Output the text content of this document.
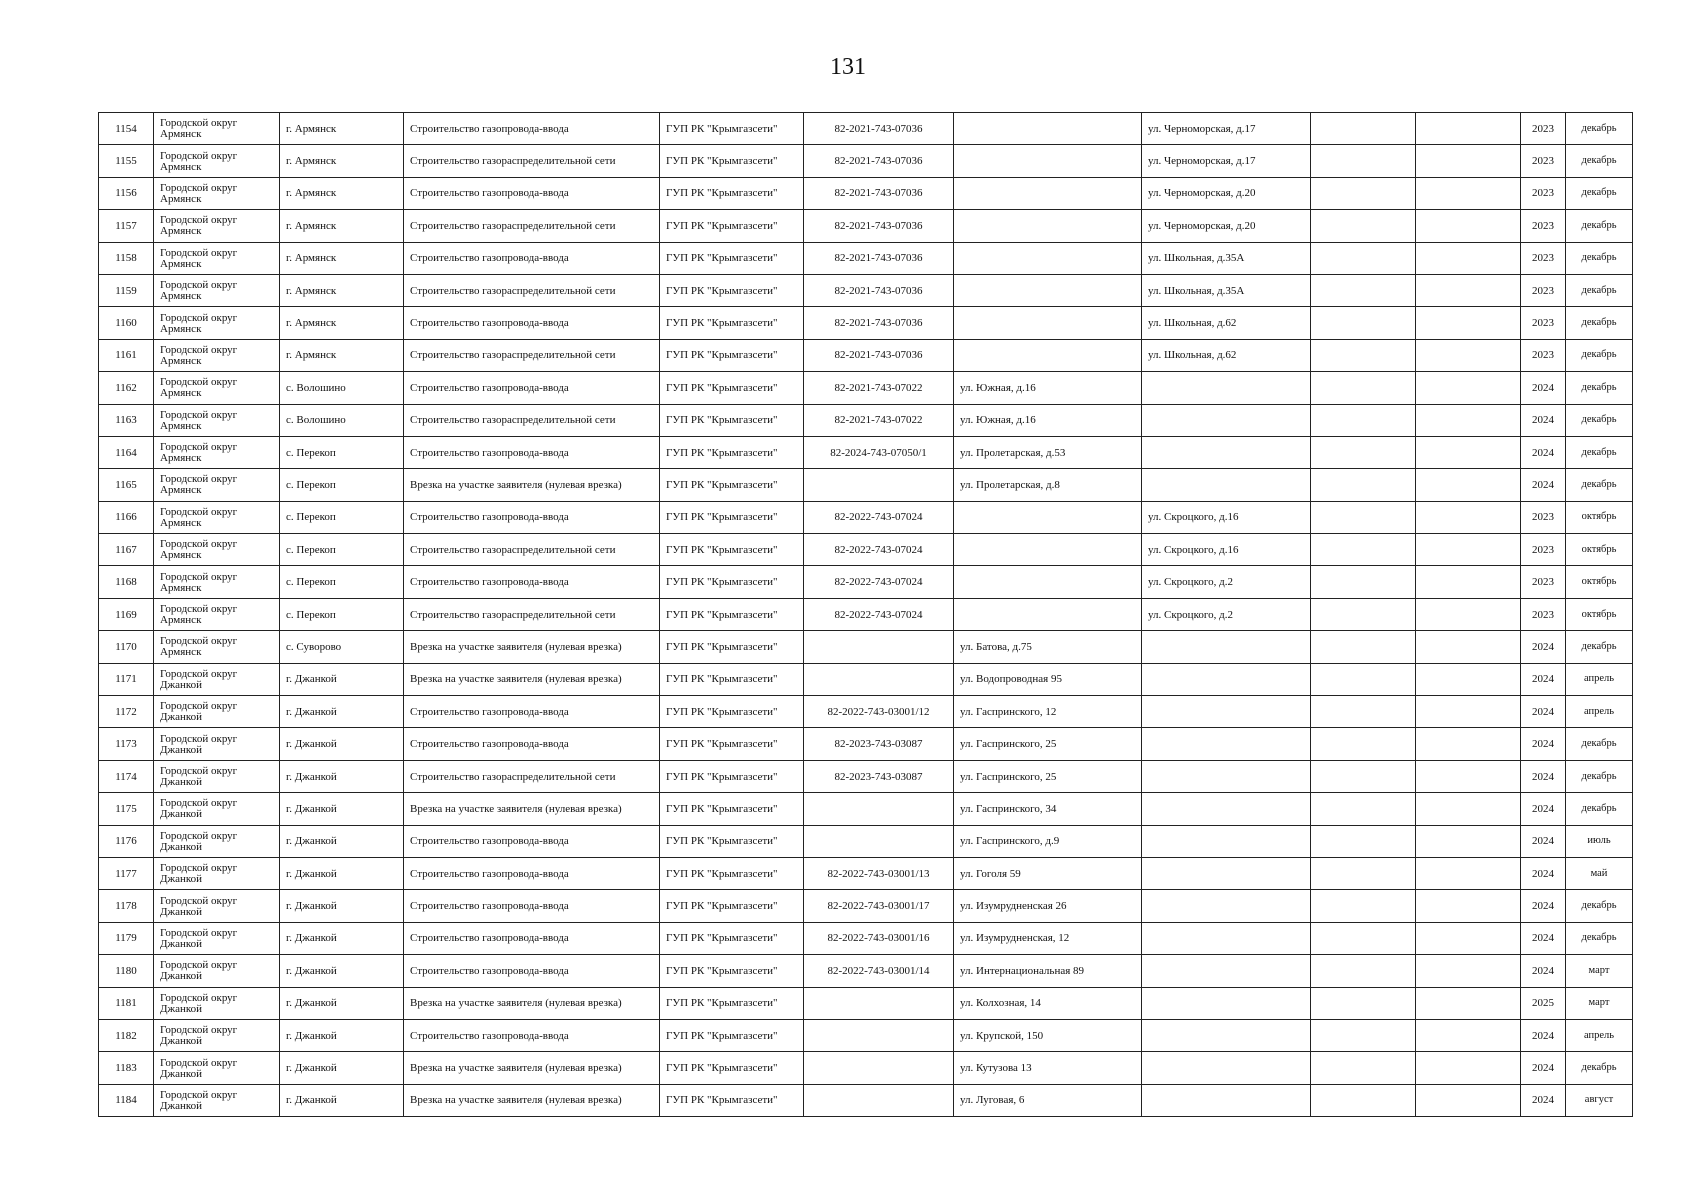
131
1154	Городской округ Армянск	г. Армянск	Строительство газопровода-ввода	ГУП РК "Крымгазсети"	82-2021-743-07036		ул. Черноморская, д.17			2023	декабрь
1155	Городской округ Армянск	г. Армянск	Строительство газораспределительной сети	ГУП РК "Крымгазсети"	82-2021-743-07036		ул. Черноморская, д.17			2023	декабрь
1156	Городской округ Армянск	г. Армянск	Строительство газопровода-ввода	ГУП РК "Крымгазсети"	82-2021-743-07036		ул. Черноморская, д.20			2023	декабрь
1157	Городской округ Армянск	г. Армянск	Строительство газораспределительной сети	ГУП РК "Крымгазсети"	82-2021-743-07036		ул. Черноморская, д.20			2023	декабрь
1158	Городской округ Армянск	г. Армянск	Строительство газопровода-ввода	ГУП РК "Крымгазсети"	82-2021-743-07036		ул. Школьная, д.35А			2023	декабрь
1159	Городской округ Армянск	г. Армянск	Строительство газораспределительной сети	ГУП РК "Крымгазсети"	82-2021-743-07036		ул. Школьная, д.35А			2023	декабрь
1160	Городской округ Армянск	г. Армянск	Строительство газопровода-ввода	ГУП РК "Крымгазсети"	82-2021-743-07036		ул. Школьная, д.62			2023	декабрь
1161	Городской округ Армянск	г. Армянск	Строительство газораспределительной сети	ГУП РК "Крымгазсети"	82-2021-743-07036		ул. Школьная, д.62			2023	декабрь
1162	Городской округ Армянск	с. Волошино	Строительство газопровода-ввода	ГУП РК "Крымгазсети"	82-2021-743-07022	ул. Южная, д.16				2024	декабрь
1163	Городской округ Армянск	с. Волошино	Строительство газораспределительной сети	ГУП РК "Крымгазсети"	82-2021-743-07022	ул. Южная, д.16				2024	декабрь
1164	Городской округ Армянск	с. Перекоп	Строительство газопровода-ввода	ГУП РК "Крымгазсети"	82-2024-743-07050/1	ул. Пролетарская, д.53				2024	декабрь
1165	Городской округ Армянск	с. Перекоп	Врезка на участке заявителя (нулевая врезка)	ГУП РК "Крымгазсети"		ул. Пролетарская, д.8				2024	декабрь
1166	Городской округ Армянск	с. Перекоп	Строительство газопровода-ввода	ГУП РК "Крымгазсети"	82-2022-743-07024		ул. Скроцкого, д.16			2023	октябрь
1167	Городской округ Армянск	с. Перекоп	Строительство газораспределительной сети	ГУП РК "Крымгазсети"	82-2022-743-07024		ул. Скроцкого, д.16			2023	октябрь
1168	Городской округ Армянск	с. Перекоп	Строительство газопровода-ввода	ГУП РК "Крымгазсети"	82-2022-743-07024		ул. Скроцкого, д.2			2023	октябрь
1169	Городской округ Армянск	с. Перекоп	Строительство газораспределительной сети	ГУП РК "Крымгазсети"	82-2022-743-07024		ул. Скроцкого, д.2			2023	октябрь
1170	Городской округ Армянск	с. Суворово	Врезка на участке заявителя (нулевая врезка)	ГУП РК "Крымгазсети"		ул. Батова, д.75				2024	декабрь
1171	Городской округ Джанкой	г. Джанкой	Врезка на участке заявителя (нулевая врезка)	ГУП РК "Крымгазсети"		ул. Водопроводная 95				2024	апрель
1172	Городской округ Джанкой	г. Джанкой	Строительство газопровода-ввода	ГУП РК "Крымгазсети"	82-2022-743-03001/12	ул. Гаспринского, 12				2024	апрель
1173	Городской округ Джанкой	г. Джанкой	Строительство газопровода-ввода	ГУП РК "Крымгазсети"	82-2023-743-03087	ул. Гаспринского, 25				2024	декабрь
1174	Городской округ Джанкой	г. Джанкой	Строительство газораспределительной сети	ГУП РК "Крымгазсети"	82-2023-743-03087	ул. Гаспринского, 25				2024	декабрь
1175	Городской округ Джанкой	г. Джанкой	Врезка на участке заявителя (нулевая врезка)	ГУП РК "Крымгазсети"		ул. Гаспринского, 34				2024	декабрь
1176	Городской округ Джанкой	г. Джанкой	Строительство газопровода-ввода	ГУП РК "Крымгазсети"		ул. Гаспринского, д.9				2024	июль
1177	Городской округ Джанкой	г. Джанкой	Строительство газопровода-ввода	ГУП РК "Крымгазсети"	82-2022-743-03001/13	ул. Гоголя 59				2024	май
1178	Городской округ Джанкой	г. Джанкой	Строительство газопровода-ввода	ГУП РК "Крымгазсети"	82-2022-743-03001/17	ул. Изумрудненская 26				2024	декабрь
1179	Городской округ Джанкой	г. Джанкой	Строительство газопровода-ввода	ГУП РК "Крымгазсети"	82-2022-743-03001/16	ул. Изумрудненская, 12				2024	декабрь
1180	Городской округ Джанкой	г. Джанкой	Строительство газопровода-ввода	ГУП РК "Крымгазсети"	82-2022-743-03001/14	ул. Интернациональная 89				2024	март
1181	Городской округ Джанкой	г. Джанкой	Врезка на участке заявителя (нулевая врезка)	ГУП РК "Крымгазсети"		ул. Колхозная, 14				2025	март
1182	Городской округ Джанкой	г. Джанкой	Строительство газопровода-ввода	ГУП РК "Крымгазсети"		ул. Крупской, 150				2024	апрель
1183	Городской округ Джанкой	г. Джанкой	Врезка на участке заявителя (нулевая врезка)	ГУП РК "Крымгазсети"		ул. Кутузова 13				2024	декабрь
1184	Городской округ Джанкой	г. Джанкой	Врезка на участке заявителя (нулевая врезка)	ГУП РК "Крымгазсети"		ул. Луговая, 6				2024	август
